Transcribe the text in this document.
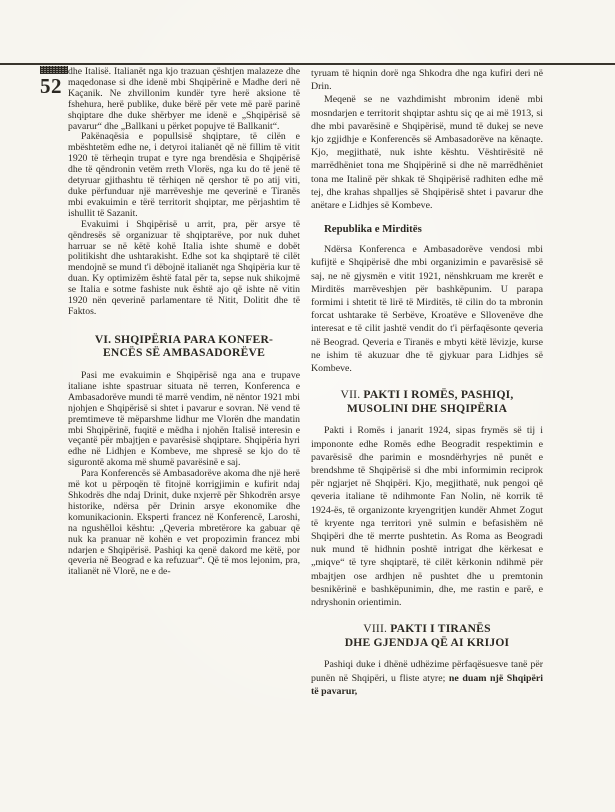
52

dhe Italisë. Italianët nga kjo trazuan çështjen malazeze dhe maqedonase si dhe idenë mbi Shqipërinë e Madhe deri në Kaçanik. Ne zhvillonim kundër tyre herë aksione të fshehura, herë publike, duke bërë për vete më parë parinë shqiptare dhe duke shërbyer me idenë e „Shqipërisë së pavarur“ dhe „Ballkani u përket popujve të Ballkanit“.

Pakënaqësia e popullsisë shqiptare, të cilën e mbështetëm edhe ne, i detyroi italianët që në fillim të vitit 1920 të tërheqin trupat e tyre nga brendësia e Shqipërisë dhe të qëndronin vetëm rreth Vlorës, nga ku do të jenë të detyruar gjithashtu të tërhiqen në qershor të po atij viti, duke përfunduar një marrëveshje me qeverinë e Tiranës mbi evakuimin e tërë territorit shqiptar, me përjashtim të ishullit të Sazanit.

Evakuimi i Shqipërisë u arrit, pra, për arsye të qëndresës së organizuar të shqiptarëve, por nuk duhet harruar se në këtë kohë Italia ishte shumë e dobët politikisht dhe ushtarakisht. Edhe sot ka shqiptarë të cilët mendojnë se mund t'i dëbojnë italianët nga Shqipëria kur të duan. Ky optimizëm është fatal për ta, sepse nuk shikojmë se Italia e sotme fashiste nuk është ajo që ishte në vitin 1920 nën qeverinë parlamentare të Nitit, Dolitit dhe të Faktos.

VI. SHQIPËRIA PARA KONFER-
ENCËS SË AMBASADORËVE

Pasi me evakuimin e Shqipërisë nga ana e trupave italiane ishte spastruar situata në terren, Konferenca e Ambasadorëve mundi të marrë vendim, në nëntor 1921 mbi njohjen e Shqipërisë si shtet i pavarur e sovran. Në vend të premtimeve të mëparshme lidhur me Vlorën dhe mandatin mbi Shqipërinë, fuqitë e mëdha i njohën Italisë interesin e veçantë për mbajtjen e pavarësisë shqiptare. Shqipëria hyri edhe në Lidhjen e Kombeve, me shpresë se kjo do të sigurontë akoma më shumë pavarësinë e saj.

Para Konferencës së Ambasadorëve akoma dhe një herë më kot u përpoqën të fitojnë korrigjimin e kufirit ndaj Shkodrës dhe ndaj Drinit, duke nxjerrë për Shkodrën arsye historike, ndërsa për Drinin arsye ekonomike dhe komunikacionin. Eksperti francez në Konferencë, Laroshi, na ngushëlloi kështu: „Qeveria mbretërore ka gabuar që nuk ka pranuar në kohën e vet propozimin francez mbi ndarjen e Shqipërisë. Pashiqi ka qenë dakord me këtë, por qeveria në Beograd e ka refuzuar“. Që të mos lejonim, pra, italianët në Vlorë, ne e de-

tyruam të hiqnin dorë nga Shkodra dhe nga kufiri deri në Drin.

Meqenë se ne vazhdimisht mbronim idenë mbi mosndarjen e territorit shqiptar ashtu siç qe ai më 1913, si dhe mbi pavarësinë e Shqipërisë, mund të dukej se neve kjo zgjidhje e Konferencës së Ambasadorëve na kënaqte. Kjo, megjithatë, nuk ishte kështu. Vështirësitë në marrëdhëniet tona me Shqipërinë si dhe në marrëdhëniet tona me Italinë për shkak të Shqipërisë radhiten edhe më tej, dhe krahas shpalljes së Shqipërisë shtet i pavarur dhe anëtare e Lidhjes së Kombeve.

Republika e Mirditës

Ndërsa Konferenca e Ambasadorëve vendosi mbi kufijtë e Shqipërisë dhe mbi organizimin e pavarësisë së saj, ne në gjysmën e vitit 1921, nënshkruam me krerët e Mirditës marrëveshjen për bashkëpunim. U parapa formimi i shtetit të lirë të Mirditës, të cilin do ta mbronin forcat ushtarake të Serbëve, Kroatëve e Sllovenëve dhe interesat e të cilit jashtë vendit do t'i përfaqësonte qeveria në Beograd. Qeveria e Tiranës e mbyti këtë lëvizje, kurse ne ishim të akuzuar dhe të gjykuar para Lidhjes së Kombeve.

VII. PAKTI I ROMËS, PASHIQI,
MUSOLINI DHE SHQIPËRIA

Pakti i Romës i janarit 1924, sipas frymës së tij i impononte edhe Romës edhe Beogradit respektimin e pavarësisë dhe parimin e mosndërhyrjes në punët e brendshme të Shqipërisë si dhe mbi informimin reciprok për ngjarjet në Shqipëri. Kjo, megjithatë, nuk pengoi që qeveria italiane të ndihmonte Fan Nolin, në korrik të 1924-ës, të organizonte kryengritjen kundër Ahmet Zogut të kryente nga territori ynë sulmin e befasishëm në Shqipëri dhe të merrte pushtetin. As Roma as Beogradi nuk mund të hidhnin poshtë intrigat dhe kërkesat e „miqve“ të tyre shqiptarë, të cilët kërkonin ndihmë për mbajtjen ose ardhjen në pushtet dhe u premtonin besnikërinë e bashkëpunimin, dhe, me rastin e parë, e ndryshonin orientimin.

VIII. PAKTI I TIRANËS
DHE GJENDJA QË AI KRIJOI

Pashiqi duke i dhënë udhëzime përfaqësuesve tanë për punën në Shqipëri, u fliste atyre; ne duam një Shqipëri të pavarur,
